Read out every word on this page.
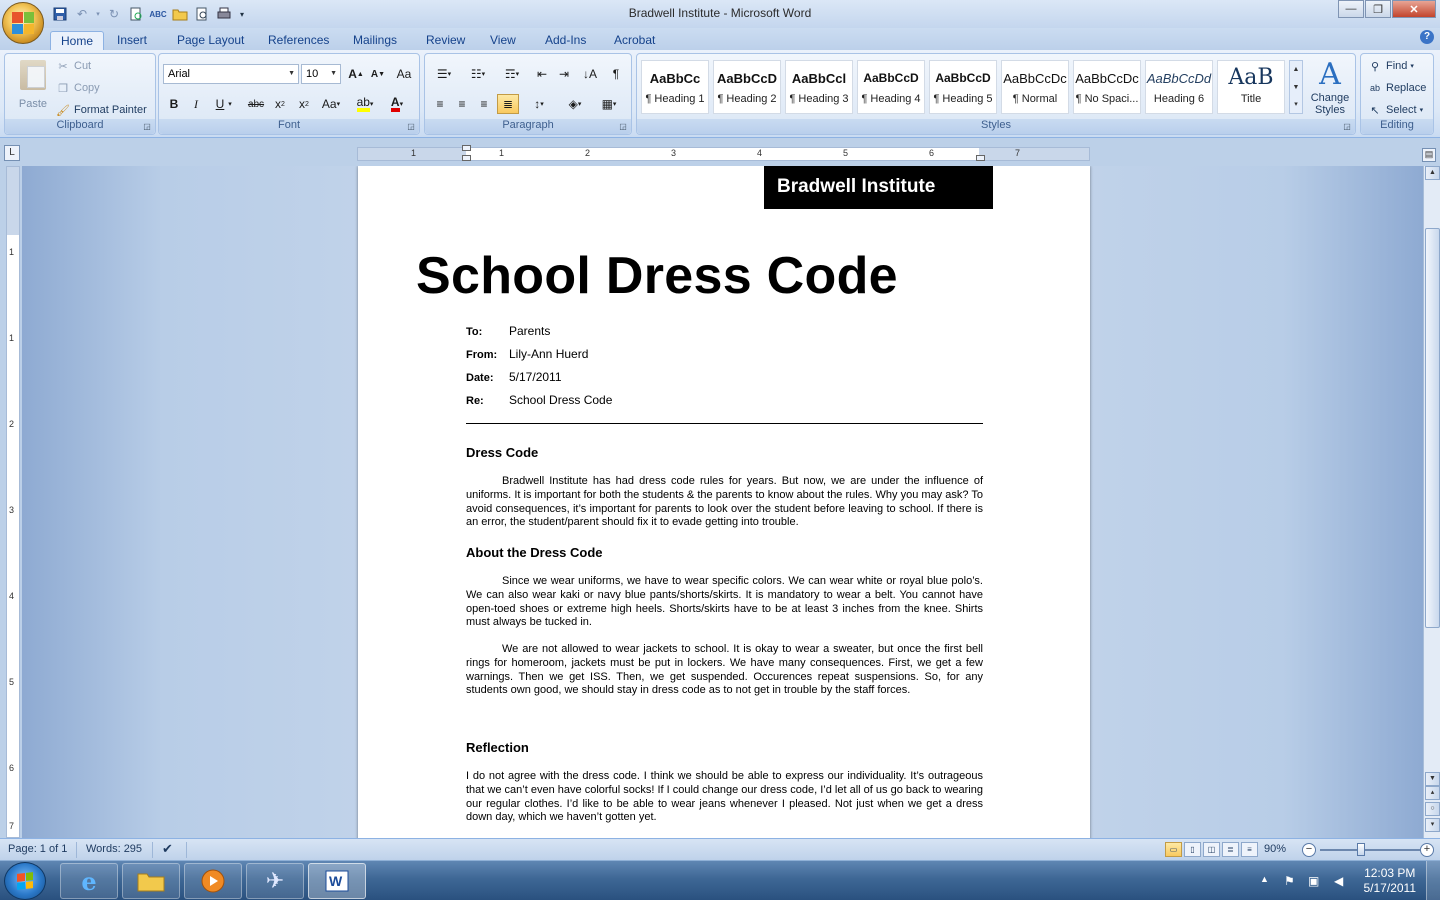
↶	▾ ↻	ABC	▾	Bradwell Institute - Microsoft Word	—	❐	✕
Home	Insert	Page Layout	References	Mailings	Review	View	Add-Ins	Acrobat	?
Paste
✂ Cut
❐ Copy
🖌 Format Painter
Clipboard	◲
Arial	▼	10 ▼ A ▲ A ▼ Aa
B	I	U ▾	abc x 2	x 2	Aa ▾ ab ▾ A ▾
Font	◲
☰ ▾	☷ ▾	☶ ▾	⇤ ⇥	↓A	¶
≡	≡	≡	≣	↕ ▾	◈ ▾	▦ ▾
Paragraph	◲
AaBbCc
¶ Heading 1
AaBbCcD
¶ Heading 2
AaBbCcl
¶ Heading 3
AaBbCcD
¶ Heading 4
AaBbCcD
¶ Heading 5
AaBbCcDc
¶ Normal
AaBbCcDc
¶ No Spaci...
AaBbCcDd
Heading 6
AaB
Title
▲
▼
▾
A
Change Styles
Styles	◲
⚲ Find ▾
ab Replace
↖ Select ▾
Editing
L	1	1	2	3	4	5	6	7	▤
1
1
2
3
4
5
6
7
Bradwell Institute
School Dress Code
To: Parents
From: Lily-Ann Huerd
Date: 5/17/2011
Re: School Dress Code
Dress Code
Bradwell Institute has had dress code rules for years. But now, we are under the influence of uniforms. It is important for both the students & the parents to know about the rules. Why you may ask? To avoid consequences, it’s important for parents to look over the student before leaving to school. If there is an error, the student/parent should fix it to evade getting into trouble.
About the Dress Code
Since we wear uniforms, we have to wear specific colors. We can wear white or royal blue polo’s. We can also wear kaki or navy blue pants/shorts/skirts. It is mandatory to wear a belt. You cannot have open-toed shoes or extreme high heels. Shorts/skirts have to be at least 3 inches from the knee. Shirts must always be tucked in.
We are not allowed to wear jackets to school. It is okay to wear a sweater, but once the first bell rings for homeroom, jackets must be put in lockers. We have many consequences. First, we get a few warnings. Then we get ISS. Then, we get suspended. Occurences repeat suspensions. So, for any students own good, we should stay in dress code as to not get in trouble by the staff forces.
Reflection
I do not agree with the dress code. I think we should be able to express our individuality. It’s outrageous that we can’t even have colorful socks! If I could change our dress code, I’d let all of us go back to wearing our regular clothes. I’d like to be able to wear jeans whenever I pleased. Not just when we get a dress down day, which we haven’t gotten yet.
▲
▼
▴
○
▾
Page: 1 of 1 Words: 295 ✔	▭	▯	◫	≣	≡	90%	−	+
e	✈	W	▲ ⚑ ▣ ◀
12:03 PM
5/17/2011
